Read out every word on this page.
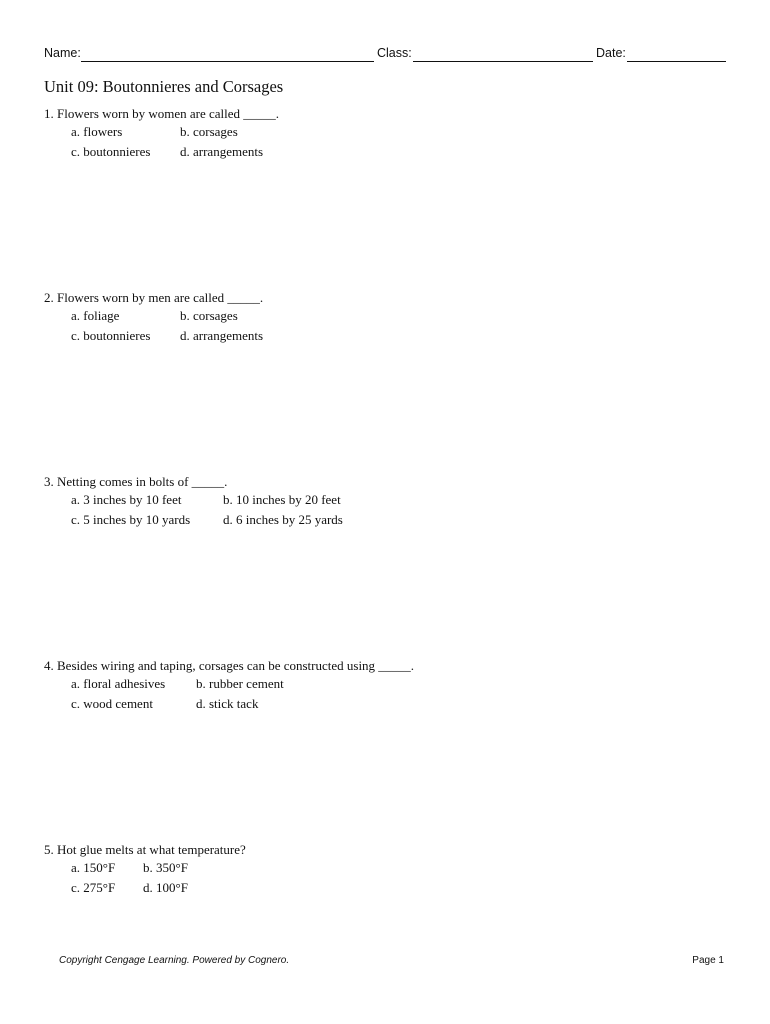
Name:	Class:	Date:
Unit 09: Boutonnieres and Corsages
1. Flowers worn by women are called _____.
a. flowers	b. corsages
c. boutonnieres d. arrangements
2. Flowers worn by men are called _____.
a. foliage	b. corsages
c. boutonnieres d. arrangements
3. Netting comes in bolts of _____.
a. 3 inches by 10 feet	b. 10 inches by 20 feet
c. 5 inches by 10 yards	d. 6 inches by 25 yards
4. Besides wiring and taping, corsages can be constructed using _____.
a. floral adhesives b. rubber cement
c. wood cement	d. stick tack
5. Hot glue melts at what temperature?
a. 150°F b. 350°F
c. 275°F d. 100°F
Copyright Cengage Learning. Powered by Cognero.	Page 1
